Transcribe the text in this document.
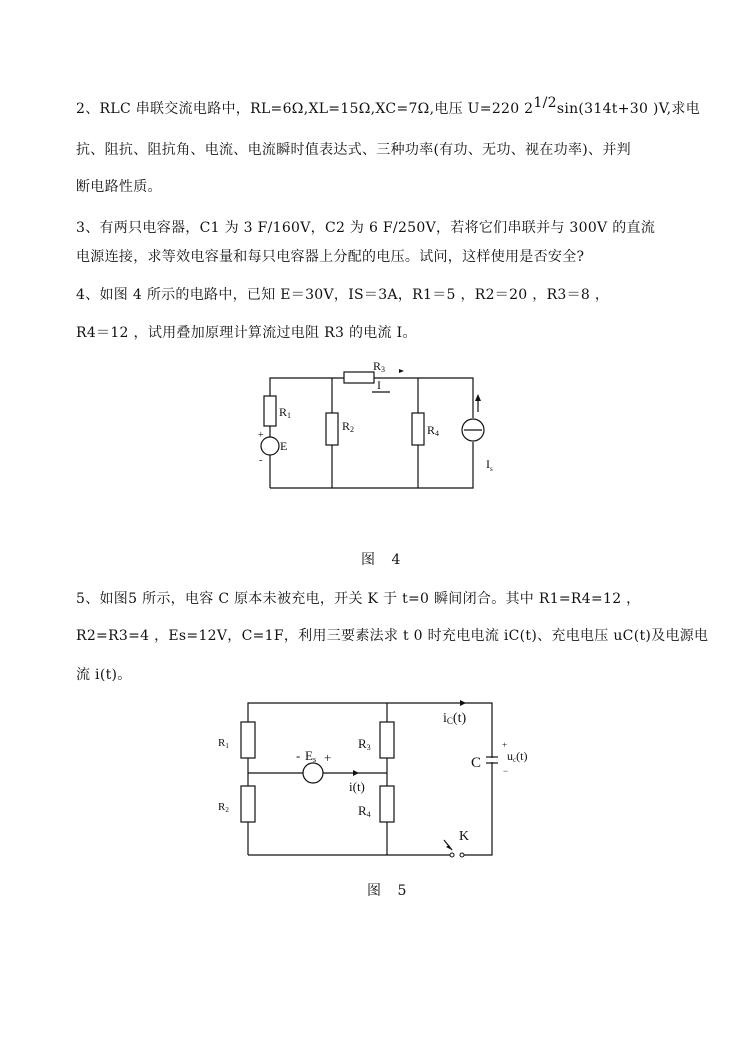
2、RLC 串联交流电路中，RL=6Ω,XL=15Ω,XC=7Ω,电压 U=220 21/2sin(314t+30 )V,求电
抗、阻抗、阻抗角、电流、电流瞬时值表达式、三种功率(有功、无功、视在功率)、并判
断电路性质。
3、有两只电容器，C1 为 3 F/160V，C2 为 6 F/250V，若将它们串联并与 300V 的直流
电源连接，求等效电容量和每只电容器上分配的电压。试问，这样使用是否安全?
4、如图 4 所示的电路中，已知 E＝30V，IS＝3A，R1＝5 ，R2＝20 ，R3＝8 ，
R4＝12 ，试用叠加原理计算流过电阻 R3 的电流 I。
R1
R2
R3
R4
E
+
-
I
$I_s$
R1
R2
R3
R4
- Es +
i(t)
iC(t)
C
+
uc(t)
−
K
图 4
5、如图5 所示，电容 C 原本未被充电，开关 K 于 t=0 瞬间闭合。其中 R1=R4=12 ，
R2=R3=4 ，Es=12V，C=1F，利用三要素法求 t 0 时充电电流 iC(t)、充电电压 uC(t)及电源电
流 i(t)。
图 5
